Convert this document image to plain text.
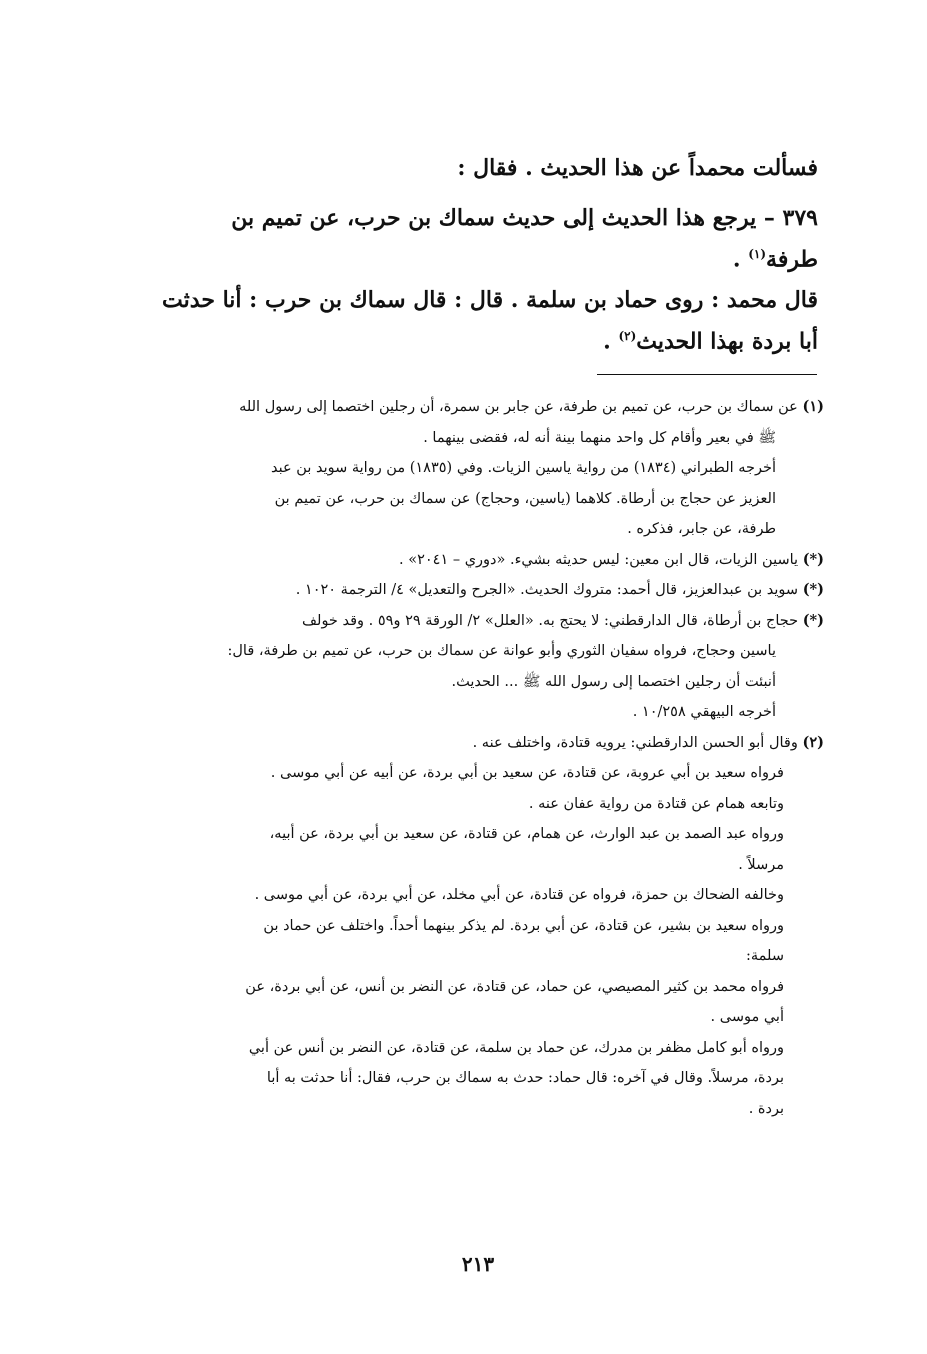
فسألت محمداً عن هذا الحديث . فقال :

٣٧٩ – يرجع هذا الحديث إلى حديث سماك بن حرب، عن تميم بن

طرفة$^{(١)}$ .

قال محمد : روى حماد بن سلمة . قال : قال سماك بن حرب : أنا حدثت

أبا بردة بهذا الحديث$^{(٢)}$ .

(١) عن سماك بن حرب، عن تميم بن طرفة، عن جابر بن سمرة، أن رجلين اختصما إلى رسول الله

ﷺ في بعير وأقام كل واحد منهما بينة أنه له، فقضى بينهما .

أخرجه الطبراني (١٨٣٤) من رواية ياسين الزيات. وفي (١٨٣٥) من رواية سويد بن عبد

العزيز عن حجاج بن أرطاة. كلاهما (ياسين، وحجاج) عن سماك بن حرب، عن تميم بن

طرفة، عن جابر، فذكره .

(*) ياسين الزيات، قال ابن معين: ليس حديثه بشيء. «دوري – ٢٠٤١» .

(*) سويد بن عبدالعزيز، قال أحمد: متروك الحديث. «الجرح والتعديل» ٤/ الترجمة ١٠٢٠ .

(*) حجاج بن أرطاة، قال الدارقطني: لا يحتج به. «العلل» ٢/ الورقة ٢٩ و٥٩ . وقد خولف

ياسين وحجاج، فرواه سفيان الثوري وأبو عوانة عن سماك بن حرب، عن تميم بن طرفة، قال:

أنبئت أن رجلين اختصما إلى رسول الله ﷺ ... الحديث.

أخرجه البيهقي ١٠/٢٥٨ .

(٢) وقال أبو الحسن الدارقطني: يرويه قتادة، واختلف عنه .

فرواه سعيد بن أبي عروبة، عن قتادة، عن سعيد بن أبي بردة، عن أبيه عن أبي موسى .

وتابعه همام عن قتادة من رواية عفان عنه .

ورواه عبد الصمد بن عبد الوارث، عن همام، عن قتادة، عن سعيد بن أبي بردة، عن أبيه،

مرسلاً .

وخالفه الضحاك بن حمزة، فرواه عن قتادة، عن أبي مخلد، عن أبي بردة، عن أبي موسى .

ورواه سعيد بن بشير، عن قتادة، عن أبي بردة. لم يذكر بينهما أحداً. واختلف عن حماد بن

سلمة:

فرواه محمد بن كثير المصيصي، عن حماد، عن قتادة، عن النضر بن أنس، عن أبي بردة، عن

أبي موسى .

ورواه أبو كامل مظفر بن مدرك، عن حماد بن سلمة، عن قتادة، عن النضر بن أنس عن أبي

بردة، مرسلاً. وقال في آخره: قال حماد: حدث به سماك بن حرب، فقال: أنا حدثت به أبا

بردة .

٢١٣
